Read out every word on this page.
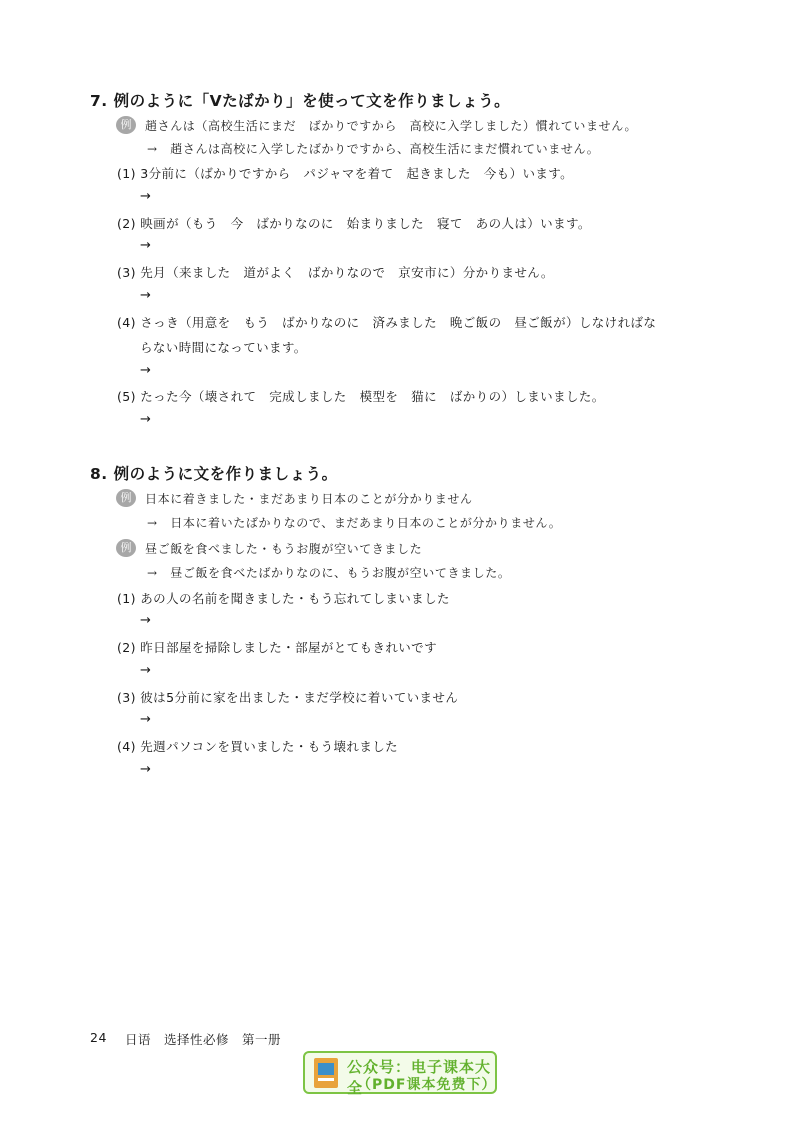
7. 例のように「Vたばかり」を使って文を作りましょう。
例	趙さんは（高校生活にまだ　ばかりですから　高校に入学しました）慣れていません。
→　趙さんは高校に入学したばかりですから、高校生活にまだ慣れていません。
(1) 3分前に（ばかりですから　パジャマを着て　起きました　今も）います。
→
(2) 映画が（もう　今　ばかりなのに　始まりました　寝て　あの人は）います。
→
(3) 先月（来ました　道がよく　ばかりなので　京安市に）分かりません。
→
(4) さっき（用意を　もう　ばかりなのに　済みました　晩ご飯の　昼ご飯が）しなければな
らない時間になっています。
→
(5) たった今（壊されて　完成しました　模型を　猫に　ばかりの）しまいました。
→
8. 例のように文を作りましょう。
例	日本に着きました・まだあまり日本のことが分かりません
→　日本に着いたばかりなので、まだあまり日本のことが分かりません。
例	昼ご飯を食べました・もうお腹が空いてきました
→　昼ご飯を食べたばかりなのに、もうお腹が空いてきました。
(1) あの人の名前を聞きました・もう忘れてしまいました
→
(2) 昨日部屋を掃除しました・部屋がとてもきれいです
→
(3) 彼は5分前に家を出ました・まだ学校に着いていません
→
(4) 先週パソコンを買いました・もう壊れました
→
24 日语　选择性必修　第一册
公众号：电子课本大全
（PDF课本免费下）
